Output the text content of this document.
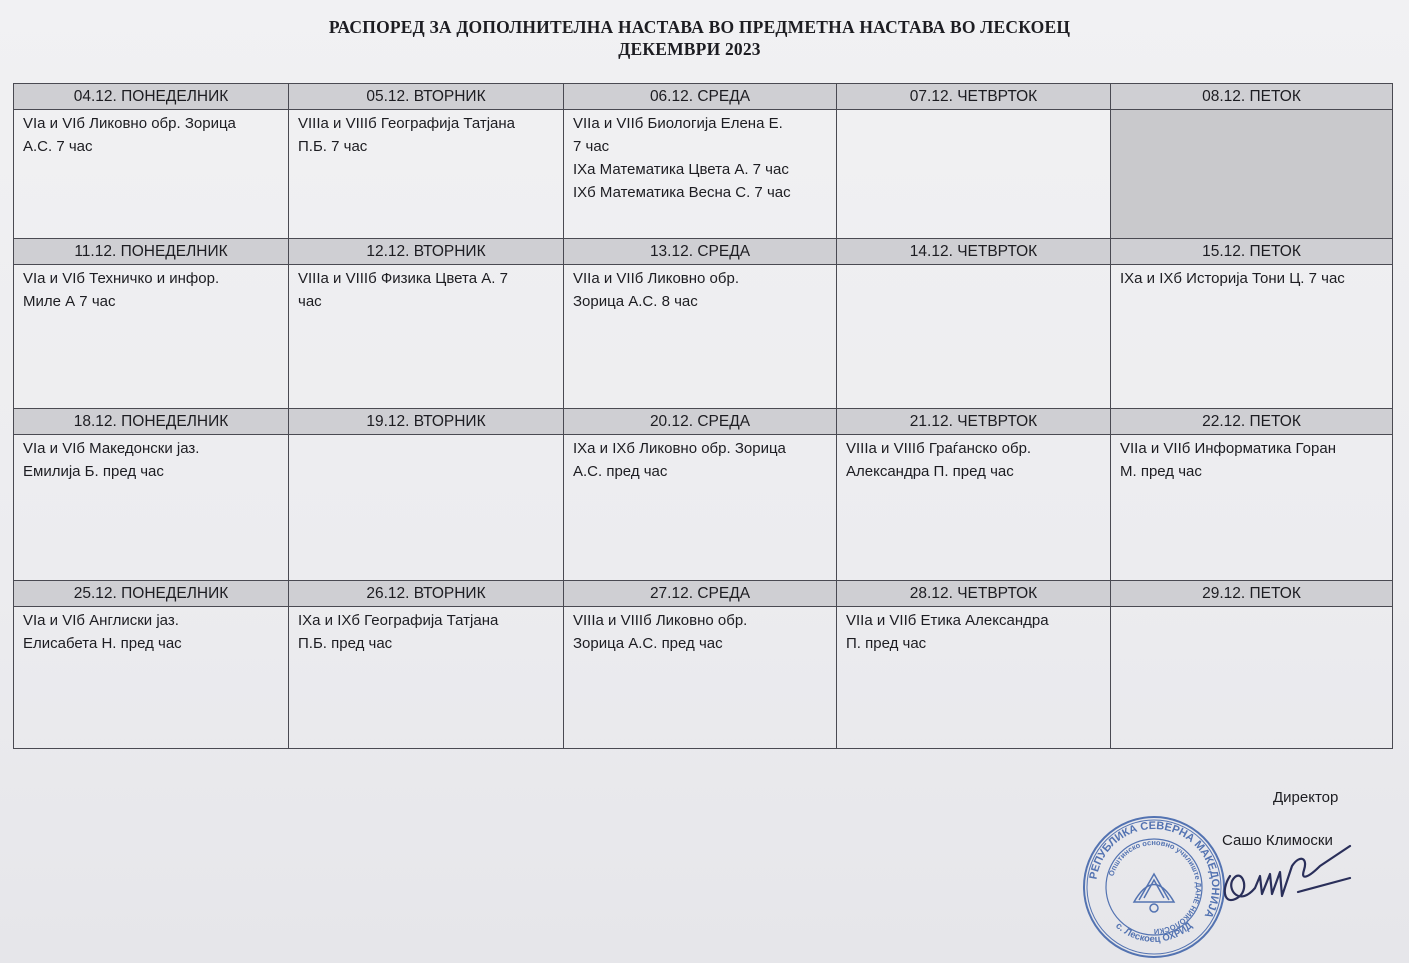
РАСПОРЕД ЗА ДОПОЛНИТЕЛНА НАСТАВА ВО ПРЕДМЕТНА НАСТАВА ВО ЛЕСКОЕЦ
ДЕКЕМВРИ 2023
04.12. ПОНЕДЕЛНИК	05.12. ВТОРНИК	06.12. СРЕДА	07.12. ЧЕТВРТОК	08.12. ПЕТОК

VIa и VIб Ликовно обр. Зорица
А.С. 7 час	VIIIa и VIIIб Географија Татјана
П.Б. 7 час	VIIa и VIIб Биологија Елена Е.
7 час
IXa Математика Цвета А. 7 час
IXб Математика Весна С. 7 час		

11.12. ПОНЕДЕЛНИК	12.12. ВТОРНИК	13.12. СРЕДА	14.12. ЧЕТВРТОК	15.12. ПЕТОК

VIa и VIб Техничко и инфор.
Миле А 7 час	VIIIa и VIIIб Физика Цвета А. 7
час	VIIa и VIIб Ликовно обр.
Зорица А.С. 8 час		IXa и IXб Историја Тони Ц. 7 час

18.12. ПОНЕДЕЛНИК	19.12. ВТОРНИК	20.12. СРЕДА	21.12. ЧЕТВРТОК	22.12. ПЕТОК

VIa и VIб Македонски јаз.
Емилија Б. пред час		IXa и IXб Ликовно обр. Зорица
А.С. пред час	VIIIa и VIIIб Граѓанско обр.
Александра П. пред час	VIIa и VIIб Информатика Горан
М. пред час

25.12. ПОНЕДЕЛНИК	26.12. ВТОРНИК	27.12. СРЕДА	28.12. ЧЕТВРТОК	29.12. ПЕТОК

VIa и VIб Англиски јаз.
Елисабета Н. пред час	IXa и IXб Географија Татјана
П.Б. пред час	VIIIa и VIIIб Ликовно обр.
Зорица А.С. пред час	VIIa и VIIб Етика Александра
П. пред час	

Директор
Сашо Климоски
РЕПУБЛИКА СЕВЕРНА МАКЕДОНИЈА
Општинско основно училиште ДАНЕ НИКОЛОСКИ
с. Лескоец ОХРИД
